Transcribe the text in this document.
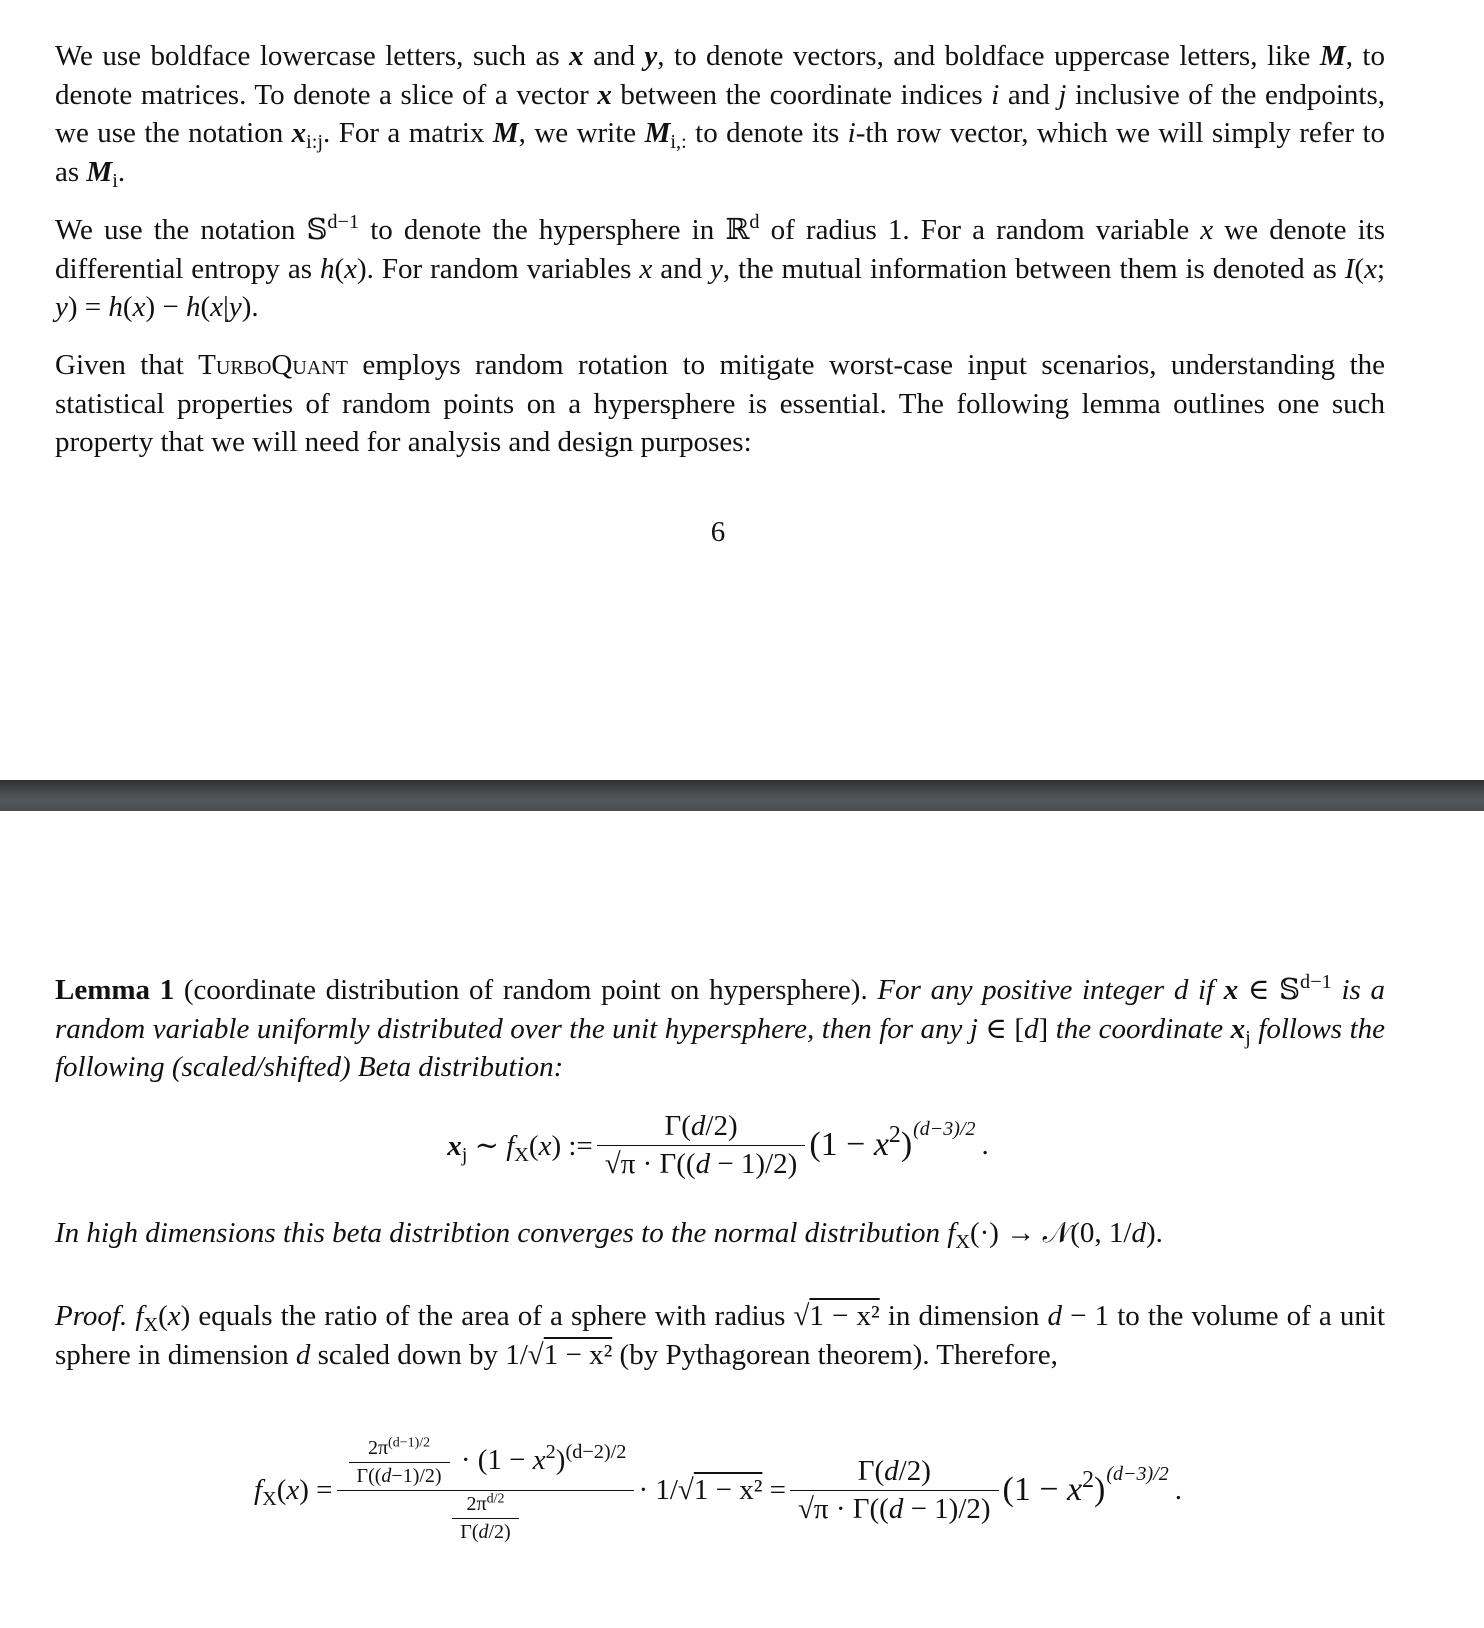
We use boldface lowercase letters, such as x and y, to denote vectors, and boldface uppercase letters, like M, to denote matrices. To denote a slice of a vector x between the coordinate indices i and j inclusive of the endpoints, we use the notation $x_{i:j}$. For a matrix M, we write $M_{i,:}$ to denote its i-th row vector, which we will simply refer to as $M_i$.
We use the notation 𝕊$^{d-1}$ to denote the hypersphere in ℝ$^d$ of radius 1. For a random variable x we denote its differential entropy as h(x). For random variables x and y, the mutual information between them is denoted as I(x; y) = h(x) − h(x|y).
Given that TurboQuant employs random rotation to mitigate worst-case input scenarios, understanding the statistical properties of random points on a hypersphere is essential. The following lemma outlines one such property that we will need for analysis and design purposes:
6
Lemma 1 (coordinate distribution of random point on hypersphere). For any positive integer d if x ∈ 𝕊$^{d-1}$ is a random variable uniformly distributed over the unit hypersphere, then for any j ∈ [d] the coordinate $x_j$ follows the following (scaled/shifted) Beta distribution:
$x_j$ ∼ $f_X(x)$ := $\frac{\Gamma(d/2)}{√\pi \cdot \Gamma((d - 1)/2)} (1 - x^2)$ (d−3)/2 .
In high dimensions this beta distribtion converges to the normal distribution $f_X(\cdot)$ → 𝒩(0, 1/d).
Proof. $f_X(x)$ equals the ratio of the area of a sphere with radius √1 − x² in dimension d − 1 to the volume of a unit sphere in dimension d scaled down by 1/√1 − x² (by Pythagorean theorem). Therefore,
$f_X(x) = \frac{\frac{2\pi^{(d-1)/2}}{\Gamma((d-1)/2)} \cdot (1 - x^2)^{(d-2)/2}}{\frac{2\pi^{d/2}}{\Gamma(d/2)}} \cdot 1/√1 - x^2 = \frac{\Gamma(d/2)}{√\pi \cdot \Gamma((d - 1)/2)} (1 - x^2)$ (d−3)/2 .
